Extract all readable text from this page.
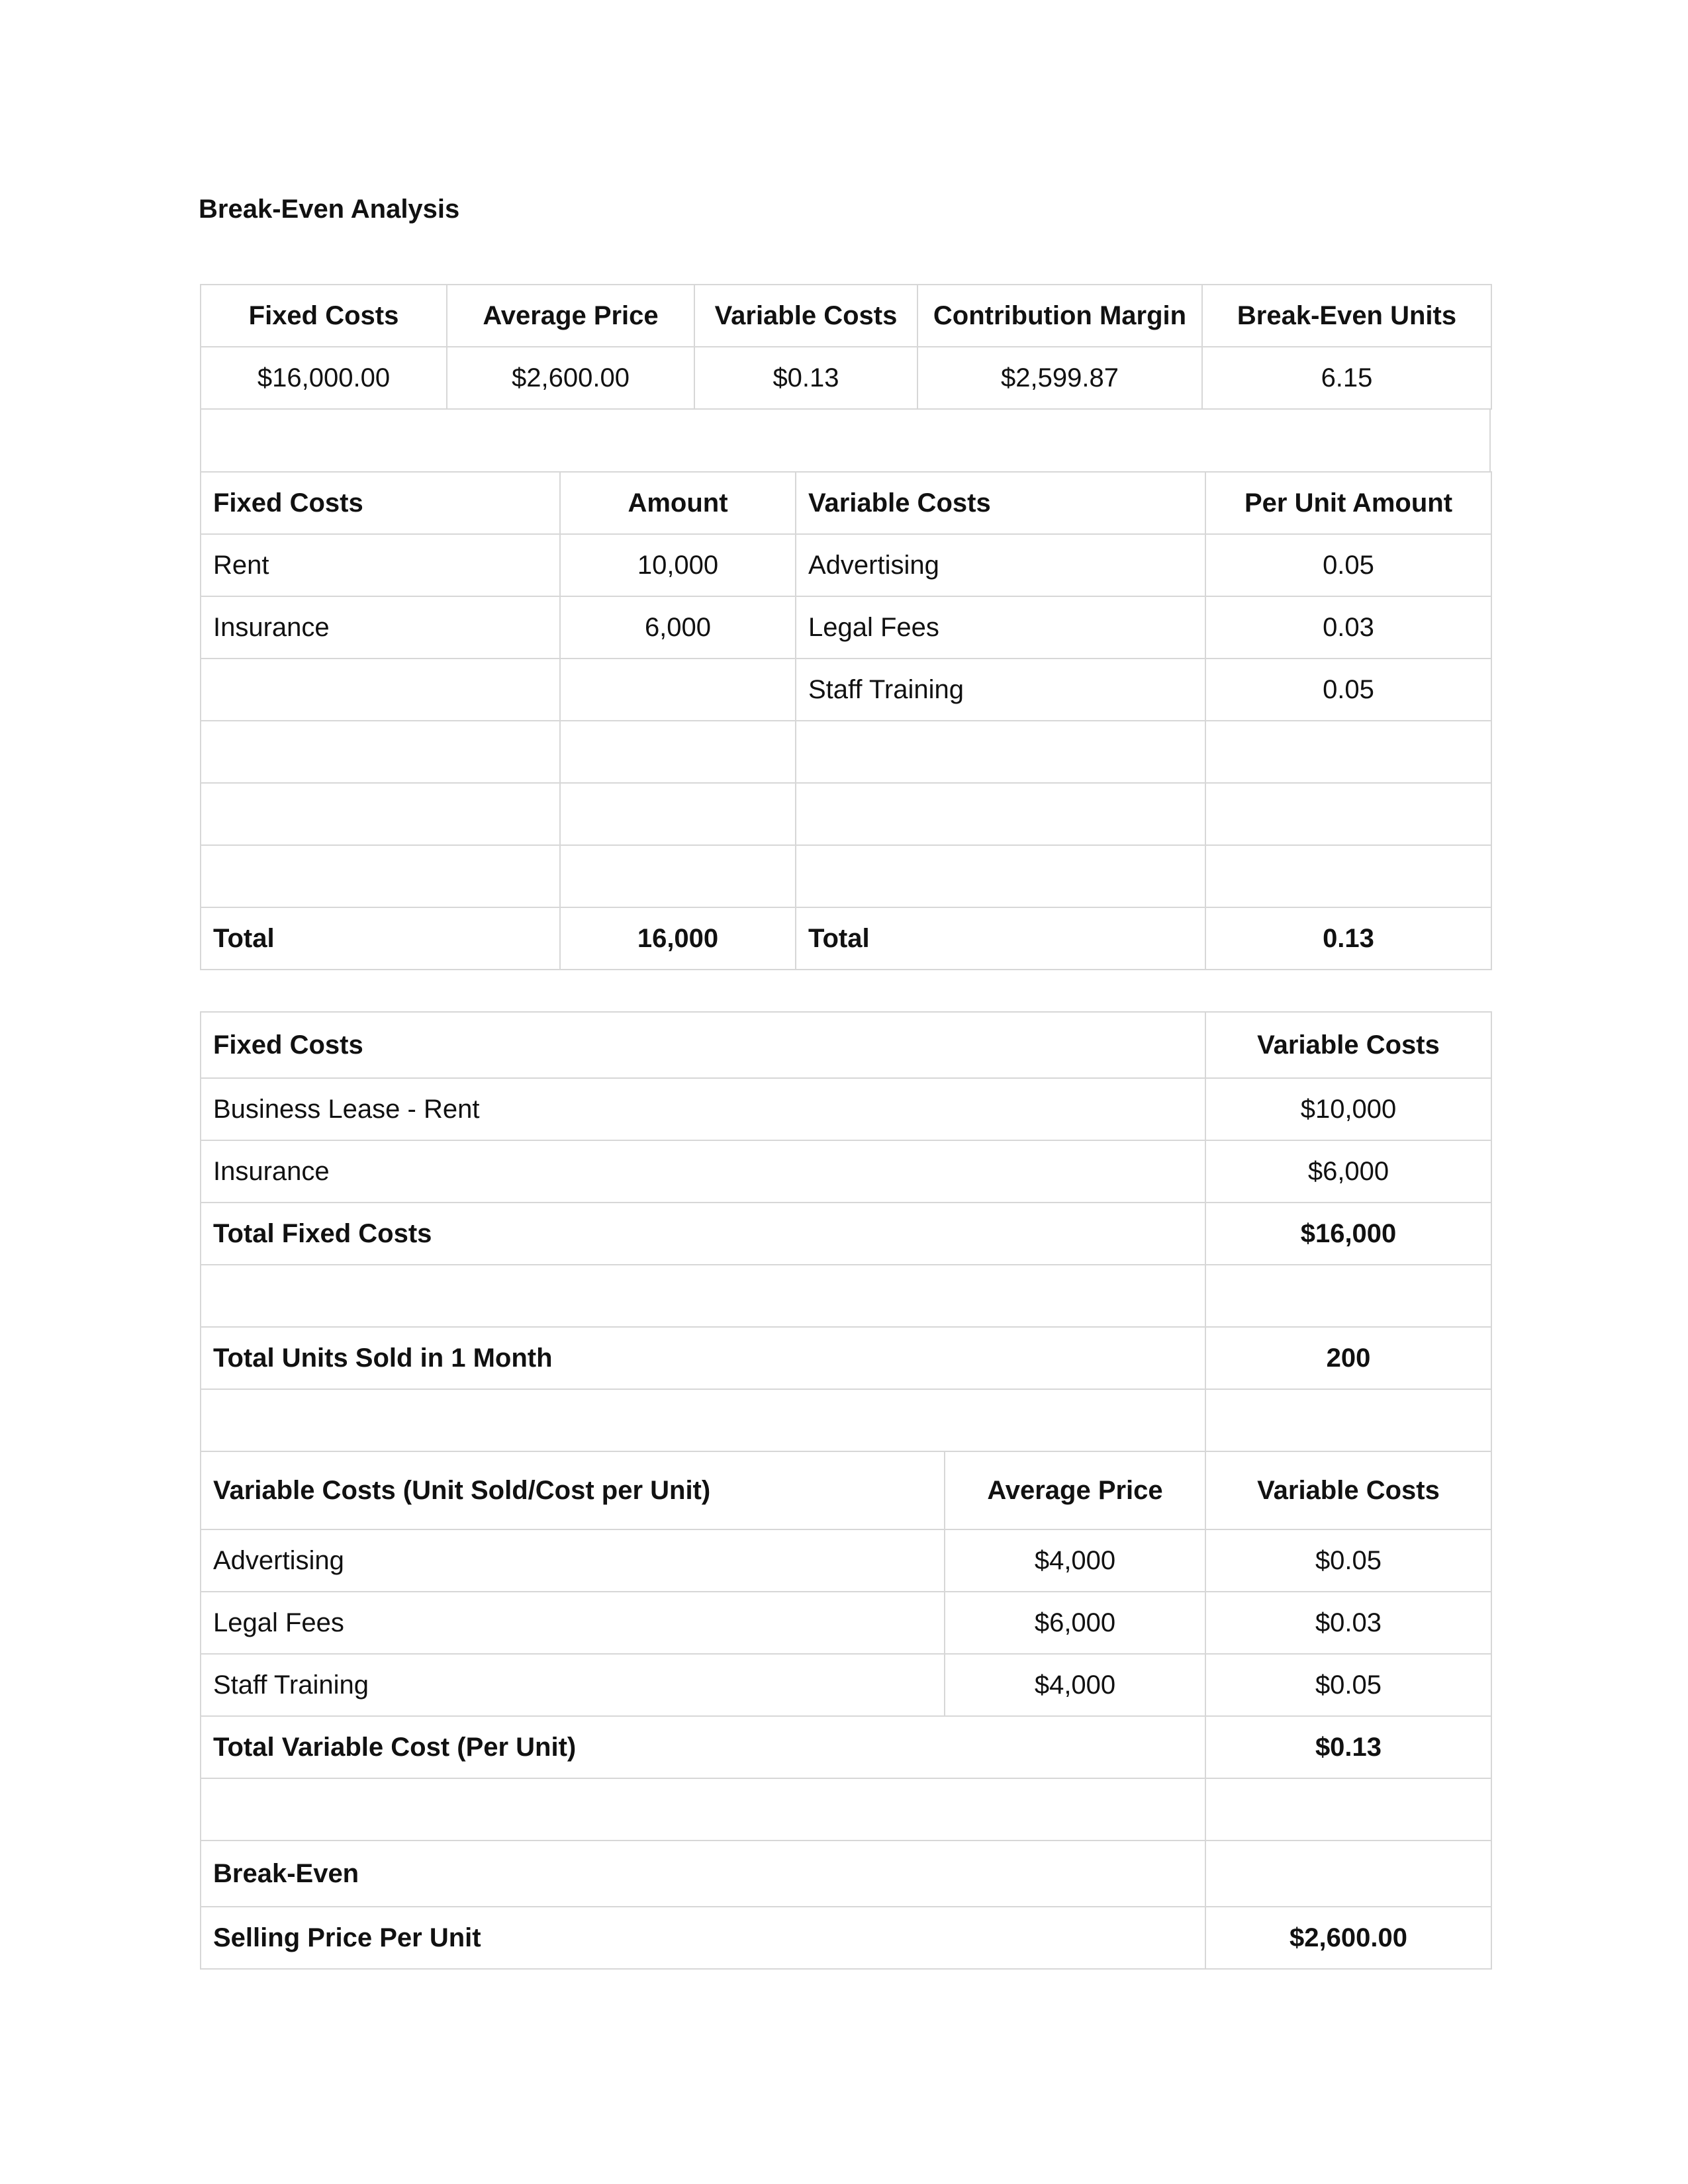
Break-Even Analysis
Fixed Costs	Average Price	Variable Costs	Contribution Margin	Break-Even Units
$16,000.00	$2,600.00	$0.13	$2,599.87	6.15
Fixed Costs	Amount	Variable Costs	Per Unit Amount
Rent	10,000	Advertising	0.05
Insurance	6,000	Legal Fees	0.03
		Staff Training	0.05

Total	16,000	Total	0.13
Fixed Costs		Variable Costs
Business Lease - Rent		$10,000
Insurance		$6,000
Total Fixed Costs		$16,000

Total Units Sold in 1 Month		200

Variable Costs (Unit Sold/Cost per Unit)	Average Price	Variable Costs
Advertising	$4,000	$0.05
Legal Fees	$6,000	$0.03
Staff Training	$4,000	$0.05
Total Variable Cost (Per Unit)		$0.13

Break-Even		
Selling Price Per Unit		$2,600.00
